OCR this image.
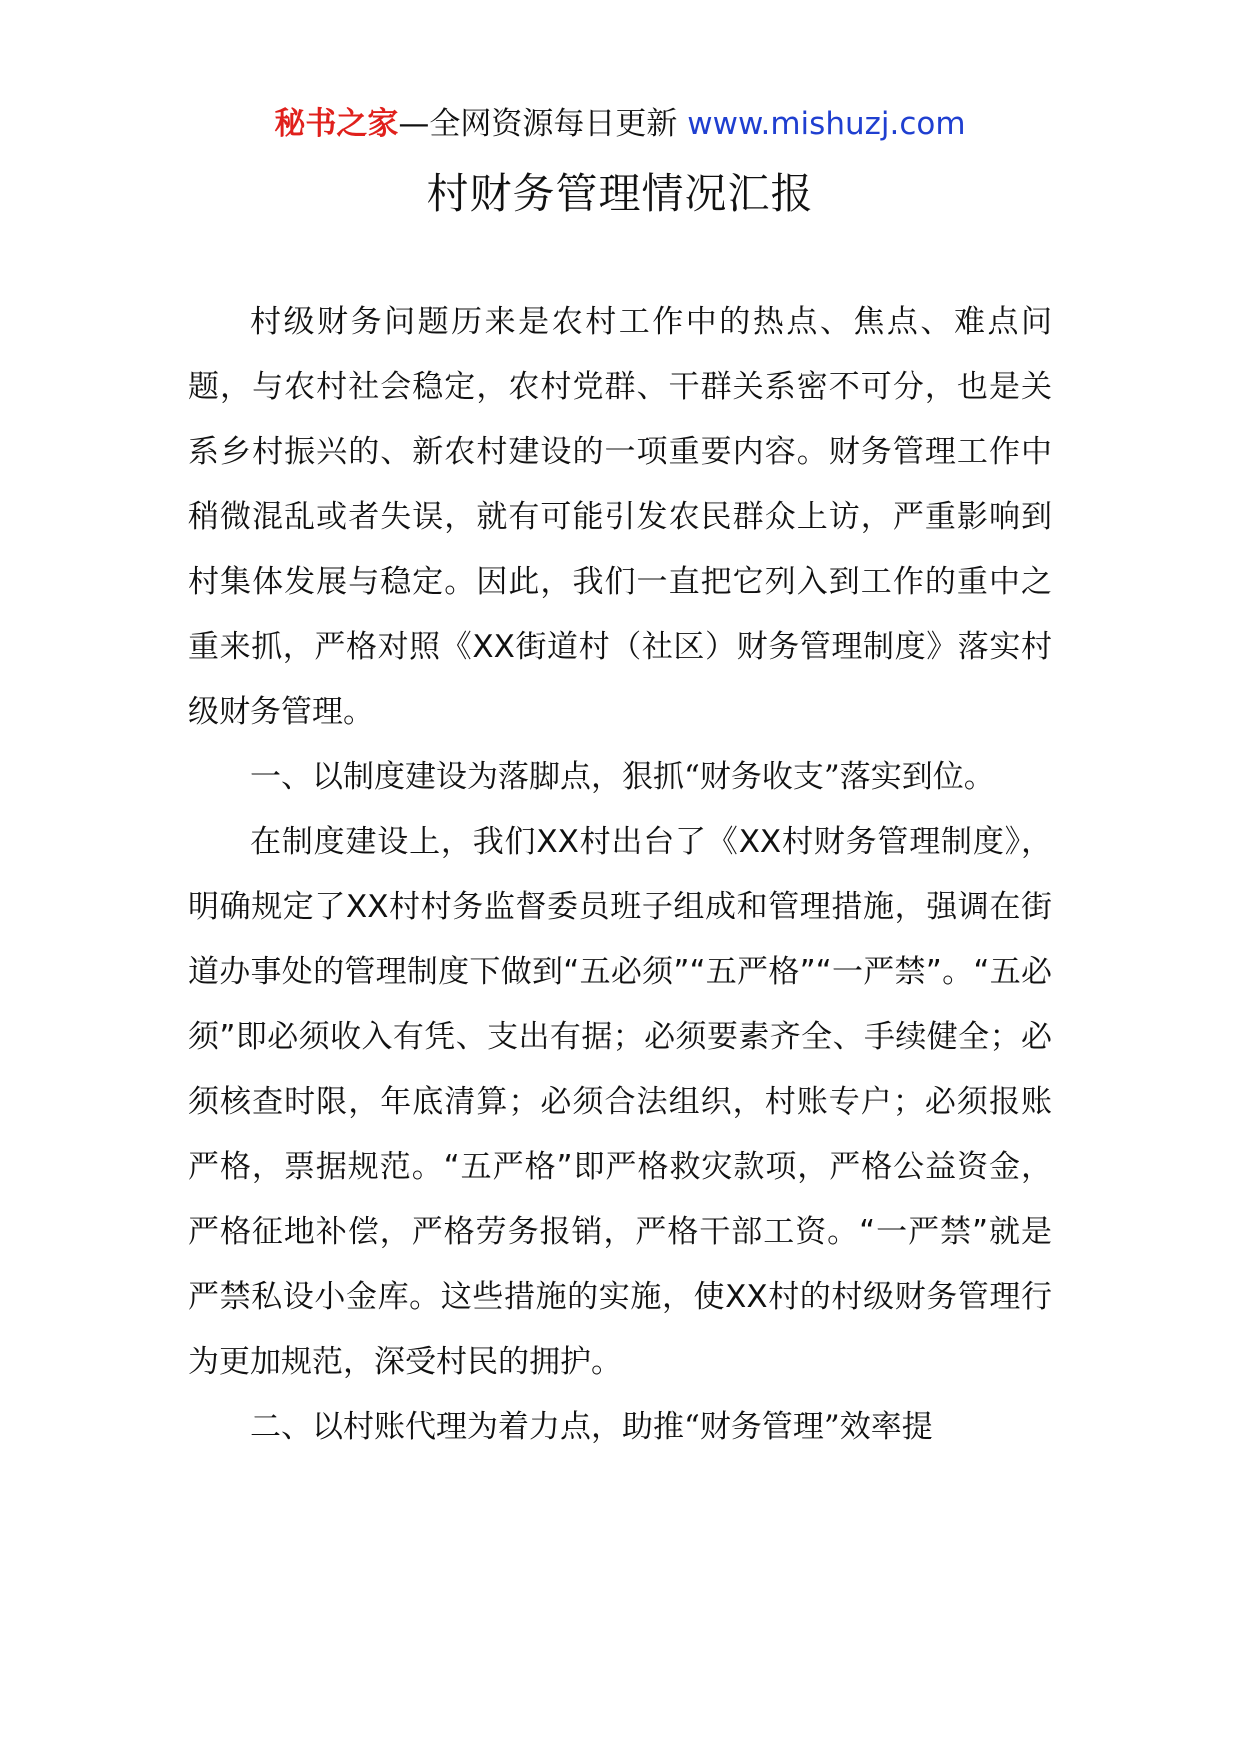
秘书之家—全网资源每日更新 www.mishuzj.com
村财务管理情况汇报

村级财务问题历来是农村工作中的热点、焦点、难点问题，与农村社会稳定，农村党群、干群关系密不可分，也是关系乡村振兴的、新农村建设的一项重要内容。财务管理工作中稍微混乱或者失误，就有可能引发农民群众上访，严重影响到村集体发展与稳定。因此，我们一直把它列入到工作的重中之重来抓，严格对照《XX街道村（社区）财务管理制度》落实村级财务管理。

一、以制度建设为落脚点，狠抓“财务收支”落实到位。

在制度建设上，我们XX村出台了《XX村财务管理制度》，明确规定了XX村村务监督委员班子组成和管理措施，强调在街道办事处的管理制度下做到“五必须”“五严格”“一严禁”。“五必须”即必须收入有凭、支出有据；必须要素齐全、手续健全；必须核查时限，年底清算；必须合法组织，村账专户；必须报账严格，票据规范。“五严格”即严格救灾款项，严格公益资金，严格征地补偿，严格劳务报销，严格干部工资。“一严禁”就是严禁私设小金库。这些措施的实施，使XX村的村级财务管理行为更加规范，深受村民的拥护。

二、以村账代理为着力点，助推“财务管理”效率提
